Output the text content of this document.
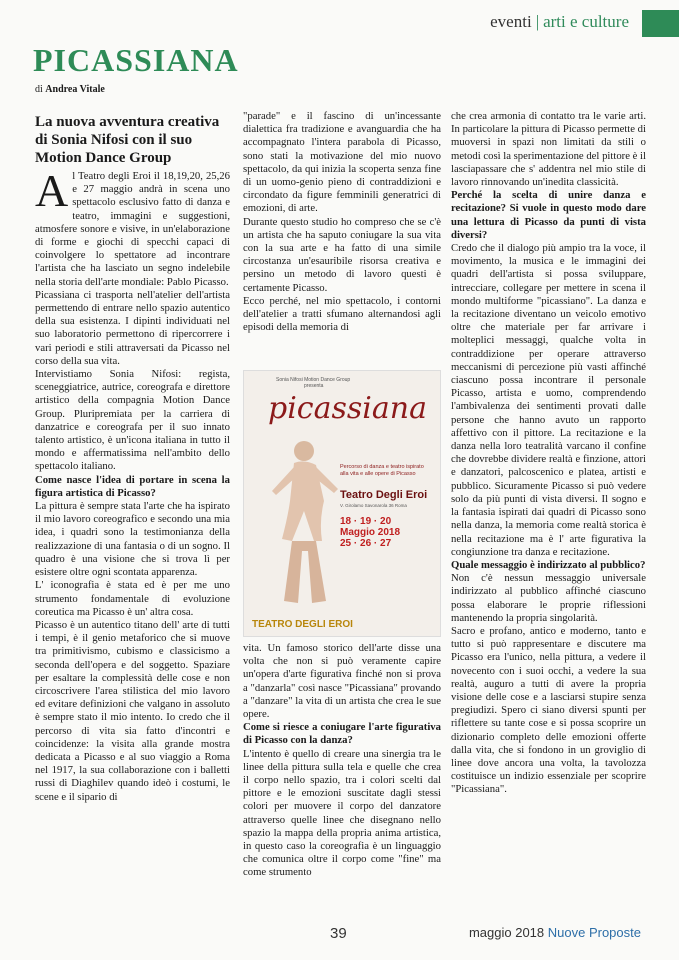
eventi | arti e culture
PICASSIANA
di Andrea Vitale
La nuova avventura creativa di Sonia Nifosi con il suo Motion Dance Group

Al Teatro degli Eroi il 18,19,20, 25,26 e 27 maggio andrà in scena uno spettacolo esclusivo fatto di danza e teatro, immagini e suggestioni, atmosfere sonore e visive, in un'elaborazione di forme e giochi di specchi capaci di coinvolgere lo spettatore ad incontrare l'artista che ha lasciato un segno indelebile nella storia dell'arte mondiale: Pablo Picasso.

Picassiana ci trasporta nell'atelier dell'artista permettendo di entrare nello spazio autentico della sua esistenza. I dipinti individuati nel suo laboratorio permettono di ripercorrere i vari periodi e stili attraversati da Picasso nel corso della sua vita.

Intervistiamo Sonia Nifosi: regista, sceneggiatrice, autrice, coreografa e direttore artistico della compagnia Motion Dance Group. Pluripremiata per la carriera di danzatrice e coreografa per il suo innato talento artistico, è un'icona italiana in tutto il mondo e affermatissima nell'ambito dello spettacolo italiano.

Come nasce l'idea di portare in scena la figura artistica di Picasso?

La pittura è sempre stata l'arte che ha ispirato il mio lavoro coreografico e secondo una mia idea, i quadri sono la testimonianza della realizzazione di una fantasia o di un sogno. Il quadro è una visione che si trova lì per esistere oltre ogni scontata apparenza.

L' iconografia è stata ed è per me uno strumento fondamentale di evoluzione coreutica ma Picasso è un' altra cosa.

Picasso è un autentico titano dell' arte di tutti i tempi, è il genio metaforico che si muove tra primitivismo, cubismo e classicismo a seconda dell'opera e del soggetto. Spaziare per esaltare la complessità delle cose e non circoscrivere l'area stilistica del mio lavoro ed evitare definizioni che valgano in assoluto è sempre stato il mio intento. Io credo che il percorso di vita sia fatto d'incontri e coincidenze: la visita alla grande mostra dedicata a Picasso e al suo viaggio a Roma nel 1917, la sua collaborazione con i balletti russi di Diaghilev quando ideò i costumi, le scene e il sipario di

"parade" e il fascino di un'incessante dialettica fra tradizione e avanguardia che ha accompagnato l'intera parabola di Picasso, sono stati la motivazione del mio nuovo spettacolo, da qui inizia la scoperta senza fine di un uomo-genio pieno di contraddizioni e circondato da figure femminili generatrici di emozioni, di arte.

Durante questo studio ho compreso che se c'è un artista che ha saputo coniugare la sua vita con la sua arte e ha fatto di una simile circostanza un'esauribile risorsa creativa e persino un metodo di lavoro questi è certamente Picasso.

Ecco perché, nel mio spettacolo, i contorni dell'atelier a tratti sfumano alternandosi agli episodi della memoria di

Sonia Nifosi Motion Dance Group
presenta
picassiana
Percorso di danza e teatro ispirato alla vita e alle opere di Picasso
Teatro Degli Eroi
V. Girolamo Savonarola 36 Roma
18 · 19 · 20
Maggio 2018
25 · 26 · 27
TEATRO DEGLI EROI

vita. Un famoso storico dell'arte disse una volta che non si può veramente capire un'opera d'arte figurativa finché non si prova a "danzarla" così nasce "Picassiana" provando a "danzare" la vita di un artista che crea le sue opere.

Come si riesce a coniugare l'arte figurativa di Picasso con la danza?

L'intento è quello di creare una sinergia tra le linee della pittura sulla tela e quelle che crea il corpo nello spazio, tra i colori scelti dal pittore e le emozioni suscitate dagli stessi colori per muovere il corpo del danzatore attraverso quelle linee che disegnano nello spazio la mappa della propria anima artistica, in questo caso la coreografia è un linguaggio che comunica oltre il corpo come "fine" ma come strumento

che crea armonia di contatto tra le varie arti. In particolare la pittura di Picasso permette di muoversi in spazi non limitati da stili o metodi così la sperimentazione del pittore è il lasciapassare che s' addentra nel mio stile di lavoro rinnovando un'inedita classicità.

Perché la scelta di unire danza e recitazione? Si vuole in questo modo dare una lettura di Picasso da punti di vista diversi?

Credo che il dialogo più ampio tra la voce, il movimento, la musica e le immagini dei quadri dell'artista si possa sviluppare, intrecciare, collegare per mettere in scena il mondo multiforme "picassiano". La danza e la recitazione diventano un veicolo emotivo oltre che materiale per far arrivare i molteplici messaggi, qualche volta in contraddizione per operare attraverso meccanismi di percezione più vasti affinché ciascuno possa incontrare il personale Picasso, artista e uomo, comprendendo l'ambivalenza dei sentimenti provati dalle persone che hanno avuto un rapporto affettivo con il pittore. La recitazione e la danza nella loro teatralità varcano il confine che dovrebbe dividere realtà e finzione, attori e danzatori, palcoscenico e platea, artisti e pubblico. Sicuramente Picasso si può vedere solo da più punti di vista diversi. Il sogno e la fantasia ispirati dai quadri di Picasso sono nella danza, la memoria come realtà storica è nella recitazione ma è l' arte figurativa la congiunzione tra danza e recitazione.

Quale messaggio è indirizzato al pubblico?

Non c'è nessun messaggio universale indirizzato al pubblico affinché ciascuno possa elaborare le proprie riflessioni mantenendo la propria singolarità.

Sacro e profano, antico e moderno, tanto e tutto si può rappresentare e discutere ma Picasso era l'unico, nella pittura, a vedere il novecento con i suoi occhi, a vedere la sua realtà, auguro a tutti di avere la propria visione delle cose e a lasciarsi stupire senza pregiudizi. Spero ci siano diversi spunti per riflettere su tante cose e si possa scoprire un dizionario completo delle emozioni offerte dalla vita, che si fondono in un groviglio di linee dove ancora una volta, la tavolozza costituisce un indizio essenziale per scoprire "Picassiana".

39	maggio 2018 Nuove Proposte
